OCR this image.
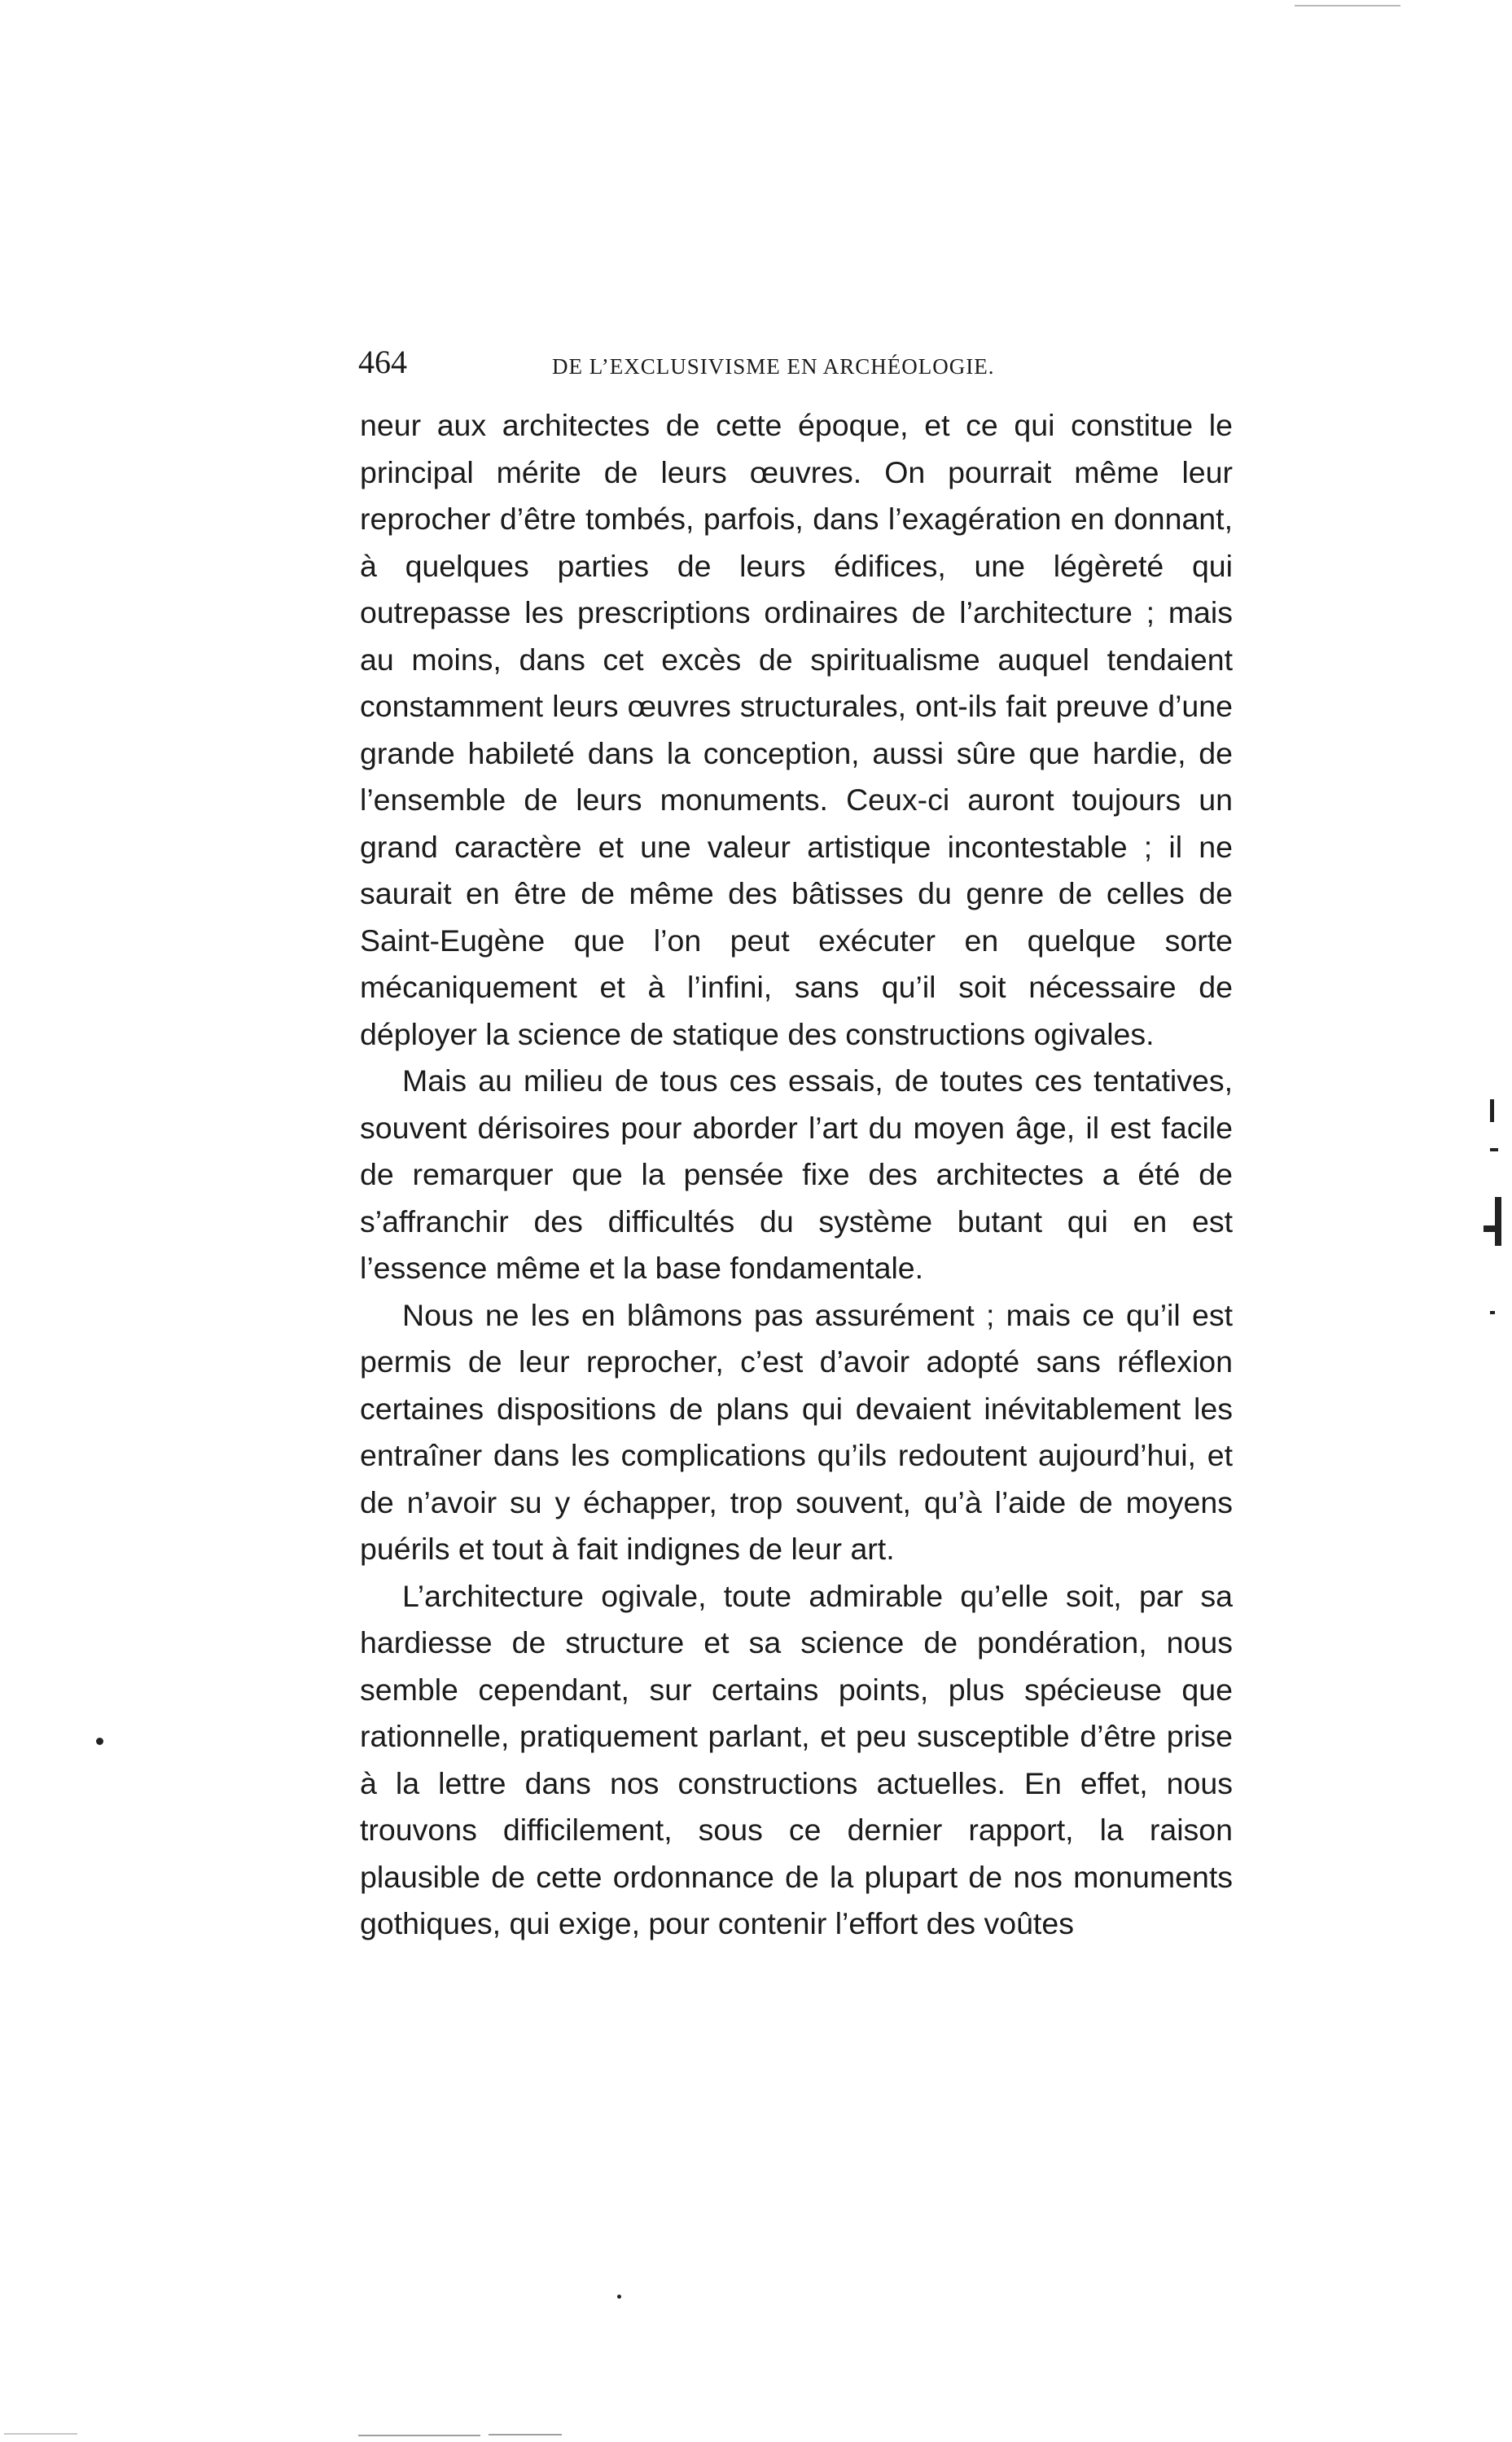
464	DE L’EXCLUSIVISME EN ARCHÉOLOGIE.

neur aux architectes de cette époque, et ce qui constitue le principal mérite de leurs œuvres. On pourrait même leur reprocher d’être tombés, parfois, dans l’exagération en donnant, à quelques parties de leurs édifices, une légèreté qui outrepasse les prescriptions ordinaires de l’architecture ; mais au moins, dans cet excès de spiritualisme auquel tendaient constamment leurs œuvres structurales, ont-ils fait preuve d’une grande habileté dans la conception, aussi sûre que hardie, de l’ensemble de leurs monuments. Ceux-ci auront toujours un grand caractère et une valeur artistique incontestable ; il ne saurait en être de même des bâtisses du genre de celles de Saint-Eugène que l’on peut exécuter en quelque sorte mécaniquement et à l’infini, sans qu’il soit nécessaire de déployer la science de statique des constructions ogivales.

Mais au milieu de tous ces essais, de toutes ces tentatives, souvent dérisoires pour aborder l’art du moyen âge, il est facile de remarquer que la pensée fixe des architectes a été de s’affranchir des difficultés du système butant qui en est l’essence même et la base fondamentale.

Nous ne les en blâmons pas assurément ; mais ce qu’il est permis de leur reprocher, c’est d’avoir adopté sans réflexion certaines dispositions de plans qui devaient inévitablement les entraîner dans les complications qu’ils redoutent aujourd’hui, et de n’avoir su y échapper, trop souvent, qu’à l’aide de moyens puérils et tout à fait indignes de leur art.

L’architecture ogivale, toute admirable qu’elle soit, par sa hardiesse de structure et sa science de pondération, nous semble cependant, sur certains points, plus spécieuse que rationnelle, pratiquement parlant, et peu susceptible d’être prise à la lettre dans nos constructions actuelles. En effet, nous trouvons difficilement, sous ce dernier rapport, la raison plausible de cette ordonnance de la plupart de nos monuments gothiques, qui exige, pour contenir l’effort des voûtes
